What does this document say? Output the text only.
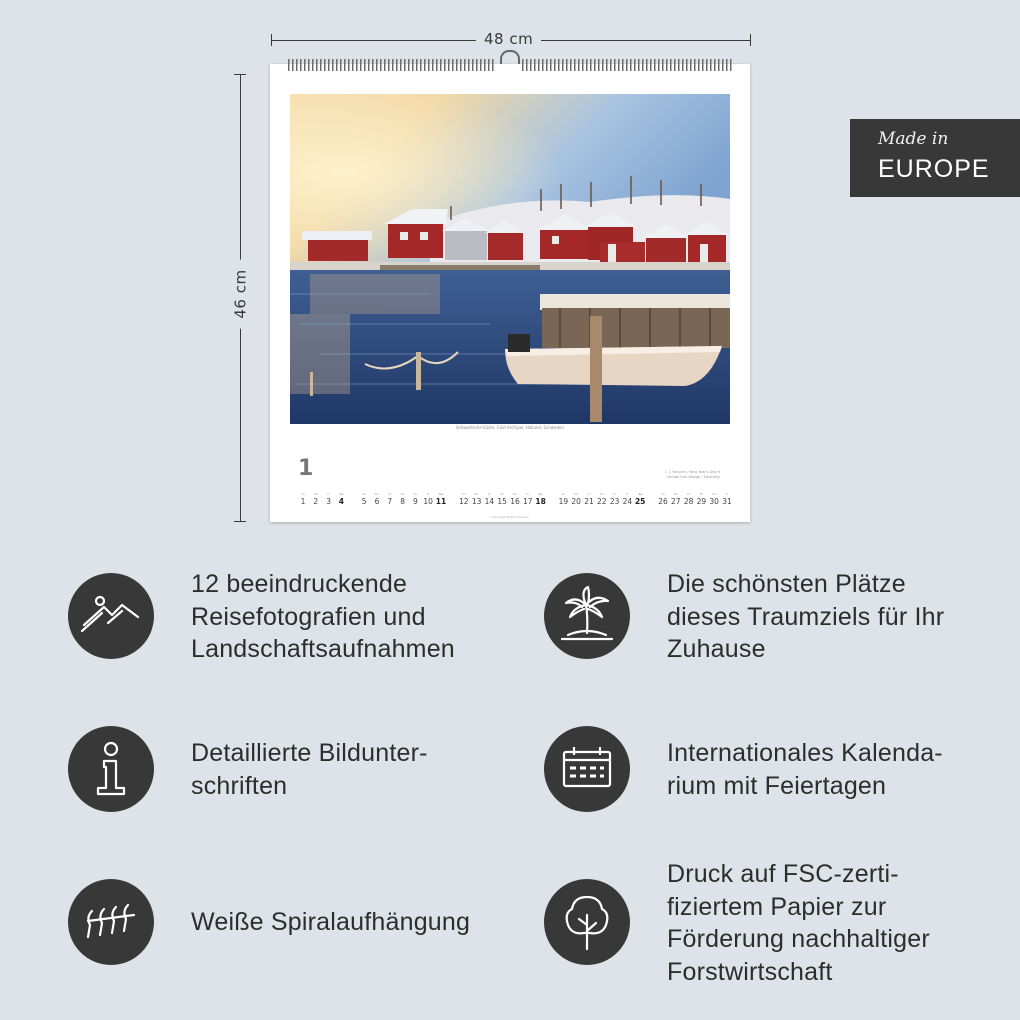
48 cm
46 cm
Schwedische Küste, Cold Archipel, Halland, Schweden
1	1 1. Neujahr / New Year's Day 6 Heilige Drei Könige / Epiphany
Mi
1
Do
2
Fr
3
Sa
4
So
5
Mo
6
Di
7
Mi
8
Do
9
Fr
10
Sa
11
So
12
Mo
13
Di
14
Mi
15
Do
16
Fr
17
Sa
18
So
19
Mo
20
Di
21
Mi
22
Do
23
Fr
24
Sa
25
So
26
Mo
27
Di
28
Mi
29
Do
30
Fr
31
Copyright 2025 Calendar
Made in
EUROPE
12 beeindruckende
Reisefotografien und
Landschaftsaufnahmen
Die schönsten Plätze
dieses Traumziels für Ihr
Zuhause
Detaillierte Bildunter-
schriften
Internationales Kalenda-
rium mit Feiertagen
Weiße Spiralaufhängung
Druck auf FSC-zerti-
fiziertem Papier zur
Förderung nachhaltiger
Forstwirtschaft
